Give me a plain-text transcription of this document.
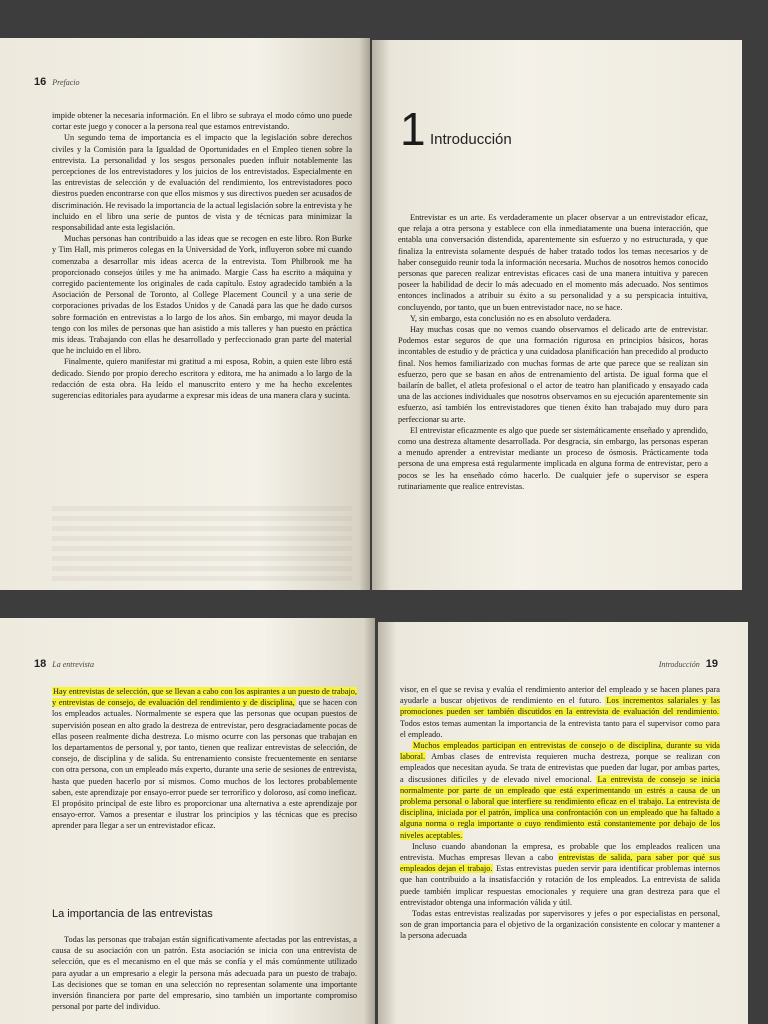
16 Prefacio

impide obtener la necesaria información. En el libro se subraya el modo cómo uno puede cortar este juego y conocer a la persona real que estamos entrevistando.

Un segundo tema de importancia es el impacto que la legislación sobre derechos civiles y la Comisión para la Igualdad de Oportunidades en el Empleo tienen sobre la entrevista. La personalidad y los sesgos personales pueden influir notablemente las percepciones de los entrevistadores y los juicios de los entrevistados. Especialmente en las entrevistas de selección y de evaluación del rendimiento, los entrevistadores poco diestros pueden encontrarse con que ellos mismos y sus directivos pueden ser acusados de discriminación. He revisado la importancia de la actual legislación sobre la entrevista y he incluido en el libro una serie de puntos de vista y de técnicas para minimizar la responsabilidad ante esta legislación.

Muchas personas han contribuido a las ideas que se recogen en este libro. Ron Burke y Tim Hall, mis primeros colegas en la Universidad de York, influyeron sobre mí cuando comenzaba a desarrollar mis ideas acerca de la entrevista. Tom Philbrook me ha proporcionado consejos útiles y me ha animado. Margie Cass ha escrito a máquina y corregido pacientemente los originales de cada capítulo. Estoy agradecido también a la Asociación de Personal de Toronto, al College Placement Council y a una serie de corporaciones privadas de los Estados Unidos y de Canadá para las que he dado cursos sobre formación en entrevistas a lo largo de los años. Sin embargo, mi mayor deuda la tengo con los miles de personas que han asistido a mis talleres y han puesto en práctica mis ideas. Trabajando con ellas he desarrollado y perfeccionado gran parte del material que he incluido en el libro.

Finalmente, quiero manifestar mi gratitud a mi esposa, Robin, a quien este libro está dedicado. Siendo por propio derecho escritora y editora, me ha animado a lo largo de la redacción de esta obra. Ha leído el manuscrito entero y me ha hecho excelentes sugerencias editoriales para ayudarme a expresar mis ideas de una manera clara y sucinta.

1 Introducción

Entrevistar es un arte. Es verdaderamente un placer observar a un entrevistador eficaz, que relaja a otra persona y establece con ella inmediatamente una buena interacción, que entabla una conversación distendida, aparentemente sin esfuerzo y no estructurada, y que finaliza la entrevista solamente después de haber tratado todos los temas necesarios y de haber conseguido reunir toda la información necesaria. Muchos de nosotros hemos conocido personas que parecen realizar entrevistas eficaces casi de una manera intuitiva y parecen poseer la habilidad de decir lo más adecuado en el momento más adecuado. Nos sentimos entonces inclinados a atribuir su éxito a su personalidad y a su perspicacia intuitiva, concluyendo, por tanto, que un buen entrevistador nace, no se hace.

Y, sin embargo, esta conclusión no es en absoluto verdadera.

Hay muchas cosas que no vemos cuando observamos el delicado arte de entrevistar. Podemos estar seguros de que una formación rigurosa en principios básicos, horas incontables de estudio y de práctica y una cuidadosa planificación han precedido al producto final. Nos hemos familiarizado con muchas formas de arte que parece que se realizan sin esfuerzo, pero que se basan en años de entrenamiento del artista. De igual forma que el bailarín de ballet, el atleta profesional o el actor de teatro han planificado y ensayado cada una de las acciones individuales que nosotros observamos en su ejecución aparentemente sin esfuerzo, así también los entrevistadores que tienen éxito han trabajado muy duro para perfeccionar su arte.

El entrevistar eficazmente es algo que puede ser sistemáticamente enseñado y aprendido, como una destreza altamente desarrollada. Por desgracia, sin embargo, las personas esperan a menudo aprender a entrevistar mediante un proceso de ósmosis. Prácticamente toda persona de una empresa está regularmente implicada en alguna forma de entrevistar, pero a pocos se les ha enseñado cómo hacerlo. De cualquier jefe o supervisor se espera rutinariamente que realice entrevistas.

18 La entrevista

Hay entrevistas de selección, que se llevan a cabo con los aspirantes a un puesto de trabajo, y entrevistas de consejo, de evaluación del rendimiento y de disciplina, que se hacen con los empleados actuales. Normalmente se espera que las personas que ocupan puestos de supervisión posean en alto grado la destreza de entrevistar, pero desgraciadamente pocas de ellas poseen realmente dicha destreza. Lo mismo ocurre con las personas que trabajan en los departamentos de personal y, por tanto, tienen que realizar entrevistas de selección, de consejo, de disciplina y de salida. Su entrenamiento consiste frecuentemente en sentarse con otra persona, con un empleado más experto, durante una serie de sesiones de entrevista, hasta que pueden hacerlo por sí mismos. Como muchos de los lectores probablemente saben, este aprendizaje por ensayo-error puede ser terrorífico y doloroso, así como ineficaz. El propósito principal de este libro es proporcionar una alternativa a este aprendizaje por ensayo-error. Vamos a presentar e ilustrar los principios y las técnicas que es preciso aprender para llegar a ser un entrevistador eficaz.

La importancia de las entrevistas

Todas las personas que trabajan están significativamente afectadas por las entrevistas, a causa de su asociación con un patrón. Esta asociación se inicia con una entrevista de selección, que es el mecanismo en el que más se confía y el más comúnmente utilizado para ayudar a un empresario a elegir la persona más adecuada para un puesto de trabajo. Las decisiones que se toman en una selección no representan solamente una importante inversión financiera por parte del empresario, sino también un importante compromiso personal por parte del individuo.

Introducción 19

visor, en el que se revisa y evalúa el rendimiento anterior del empleado y se hacen planes para ayudarle a buscar objetivos de rendimiento en el futuro. Los incrementos salariales y las promociones pueden ser también discutidos en la entrevista de evaluación del rendimiento. Todos estos temas aumentan la importancia de la entrevista tanto para el supervisor como para el empleado.

Muchos empleados participan en entrevistas de consejo o de disciplina, durante su vida laboral. Ambas clases de entrevista requieren mucha destreza, porque se realizan con empleados que necesitan ayuda. Se trata de entrevistas que pueden dar lugar, por ambas partes, a discusiones difíciles y de elevado nivel emocional. La entrevista de consejo se inicia normalmente por parte de un empleado que está experimentando un estrés a causa de un problema personal o laboral que interfiere su rendimiento eficaz en el trabajo. La entrevista de disciplina, iniciada por el patrón, implica una confrontación con un empleado que ha faltado a alguna norma o regla importante o cuyo rendimiento está constantemente por debajo de los niveles aceptables.

Incluso cuando abandonan la empresa, es probable que los empleados realicen una entrevista. Muchas empresas llevan a cabo entrevistas de salida, para saber por qué sus empleados dejan el trabajo. Estas entrevistas pueden servir para identificar problemas internos que han contribuido a la insatisfacción y rotación de los empleados. La entrevista de salida puede también implicar respuestas emocionales y requiere una gran destreza para que el entrevistador obtenga una información válida y útil.

Todas estas entrevistas realizadas por supervisores y jefes o por especialistas en personal, son de gran importancia para el objetivo de la organización consistente en colocar y mantener a la persona adecuada
